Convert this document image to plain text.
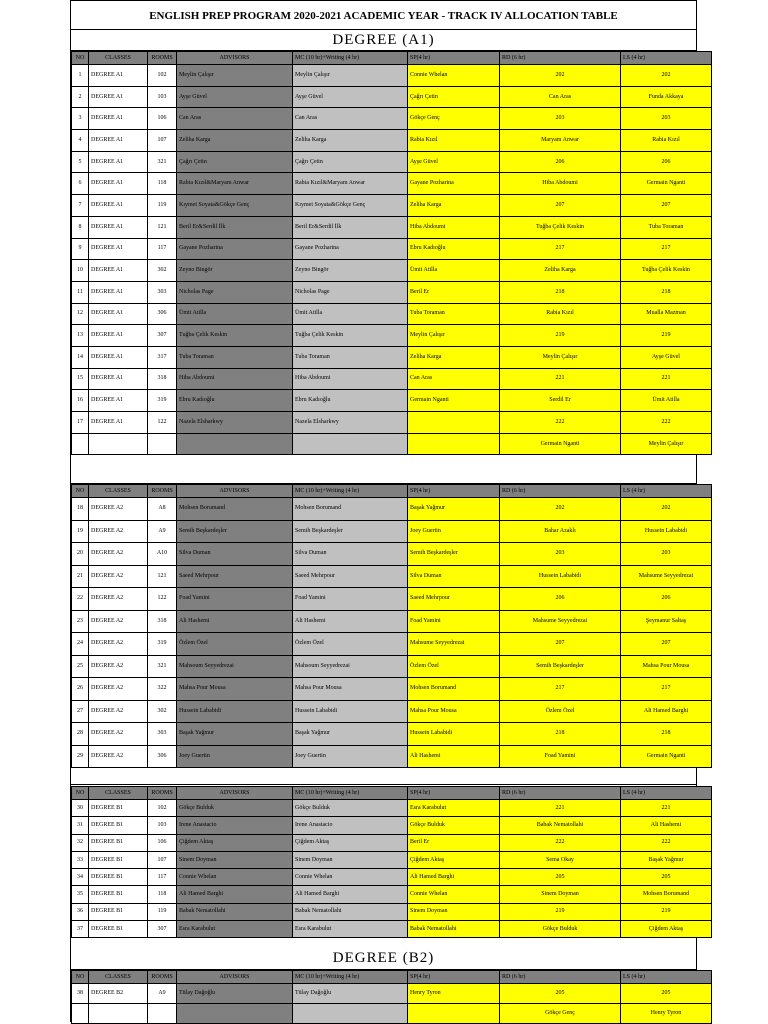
ENGLISH PREP PROGRAM 2020-2021 ACADEMIC YEAR - TRACK IV ALLOCATION TABLE
DEGREE (A1)
NO	CLASSES	ROOMS	ADVISORS	MC (10 hr)+Writing (4 hr)	SP(4 hr)	RD (6 hr)	LS (4 hr)
1	DEGREE A1	102	Meylin Çalışır	Meylin Çalışır	Connie Whelan	202	202
2	DEGREE A1	103	Ayşe Güvel	Ayşe Güvel	Çağrı Çetin	Can Aras	Funda Akkaya
3	DEGREE A1	106	Can Aras	Can Aras	Gökçe Genç	203	203
4	DEGREE A1	107	Zeliha Karga	Zeliha Karga	Rabia Kızıl	Maryam Anwar	Rabia Kızıl
5	DEGREE A1	321	Çağrı Çetin	Çağrı Çetin	Ayşe Güvel	206	206
6	DEGREE A1	118	Rabia Kızıl&Maryam Anwar	Rabia Kızıl&Maryam Anwar	Gayane Pozharina	Hiba Abdoumi	Germain Nganti
7	DEGREE A1	119	Kıymet Soyata&Gökçe Genç	Kıymet Soyata&Gökçe Genç	Zeliha Karga	207	207
8	DEGREE A1	121	Beril Er&Serdil İlk	Beril Er&Serdil İlk	Hiba Abdoumi	Tuğba Çelik Keskin	Tuba Toraman
9	DEGREE A1	117	Gayane Pozharina	Gayane Pozharina	Ebru Kadıoğlu	217	217
10	DEGREE A1	302	Zeyno Bingör	Zeyno Bingör	Ümit Atilla	Zeliha Karga	Tuğba Çelik Keskin
11	DEGREE A1	303	Nicholas Page	Nicholas Page	Beril Er	218	218
12	DEGREE A1	306	Ümit Atilla	Ümit Atilla	Tuba Toraman	Rabia Kızıl	Mualla Mazman
13	DEGREE A1	307	Tuğba Çelik Keskin	Tuğba Çelik Keskin	Meylin Çalışır	219	219
14	DEGREE A1	317	Tuba Toraman	Tuba Toraman	Zeliha Karga	Meylin Çalışır	Ayşe Güvel
15	DEGREE A1	318	Hiba Abdoumi	Hiba Abdoumi	Can Aras	221	221
16	DEGREE A1	319	Ebru Kadıoğlu	Ebru Kadıoğlu	Germain Nganti	Serdil Er	Ümit Atilla
17	DEGREE A1	122	Nazela Elsharkwy	Nazela Elsharkwy		222	222
						Germain Nganti	Meylin Çalışır
NO	CLASSES	ROOMS	ADVISORS	MC (10 hr)+Writing (4 hr)	SP(4 hr)	RD (6 hr)	LS (4 hr)
18	DEGREE A2	A8	Mohsen Borumand	Mohsen Borumand	Başak Yağmur	202	202
19	DEGREE A2	A9	Semih Beşkardeşler	Semih Beşkardeşler	Joey Guertin	Bahar Azaklı	Hussein Lababidi
20	DEGREE A2	A10	Silva Duman	Silva Duman	Semih Beşkardeşler	203	203
21	DEGREE A2	121	Saeed Mehrpour	Saeed Mehrpour	Silva Duman	Hussein Lababidi	Mahsume Seyyedrezai
22	DEGREE A2	122	Foad Yamini	Foad Yamini	Saeed Mehrpour	206	206
23	DEGREE A2	318	Ali Hashemi	Ali Hashemi	Foad Yamini	Mahsume Seyyedrezai	Şeymanur Saltaş
24	DEGREE A2	319	Özlem Özel	Özlem Özel	Mahsume Seyyedrezai	207	207
25	DEGREE A2	321	Mahsoum Seyyedrezai	Mahsoum Seyyedrezai	Özlem Özel	Semih Beşkardeşler	Mahsa Pour Mousa
26	DEGREE A2	322	Mahsa Pour Mousa	Mahsa Pour Mousa	Mohsen Borumand	217	217
27	DEGREE A2	302	Hussein Lababidi	Hussein Lababidi	Mahsa Pour Mousa	Özlem Özel	Ali Hamed Barghi
28	DEGREE A2	303	Başak Yağmur	Başak Yağmur	Hussein Lababidi	218	218
29	DEGREE A2	306	Joey Guertin	Joey Guertin	Ali Hashemi	Foad Yamini	Germain Nganti
NO	CLASSES	ROOMS	ADVISORS	MC (10 hr)+Writing (4 hr)	SP(4 hr)	RD (6 hr)	LS (4 hr)
30	DEGREE B1	102	Gökçe Bulduk	Gökçe Bulduk	Esra Karabulut	221	221
31	DEGREE B1	103	Irene Anastacio	Irene Anastacio	Gökçe Bulduk	Babak Nematollahi	Ali Hashemi
32	DEGREE B1	106	Çiğdem Aktaş	Çiğdem Aktaş	Beril Er	222	222
33	DEGREE B1	107	Sinem Doyman	Sinem Doyman	Çiğdem Aktaş	Sema Okay	Başak Yağmur
34	DEGREE B1	117	Connie Whelan	Connie Whelan	Ali Hamed Barghi	205	205
35	DEGREE B1	118	Ali Hamed Barghi	Ali Hamed Barghi	Connie Whelan	Sinem Doyman	Mohsen Borumand
36	DEGREE B1	119	Babak Nematollahi	Babak Nematollahi	Sinem Doyman	219	219
37	DEGREE B1	307	Esra Karabulut	Esra Karabulut	Babak Nematollahi	Gökçe Bulduk	Çiğdem Aktaş
DEGREE (B2)
NO	CLASSES	ROOMS	ADVISORS	MC (10 hr)+Writing (4 hr)	SP(4 hr)	RD (6 hr)	LS (4 hr)
38	DEGREE B2	A9	Tülay Dağoğlu	Tülay Dağoğlu	Henry Tyron	205	205
						Gökçe Genç	Henry Tyron
